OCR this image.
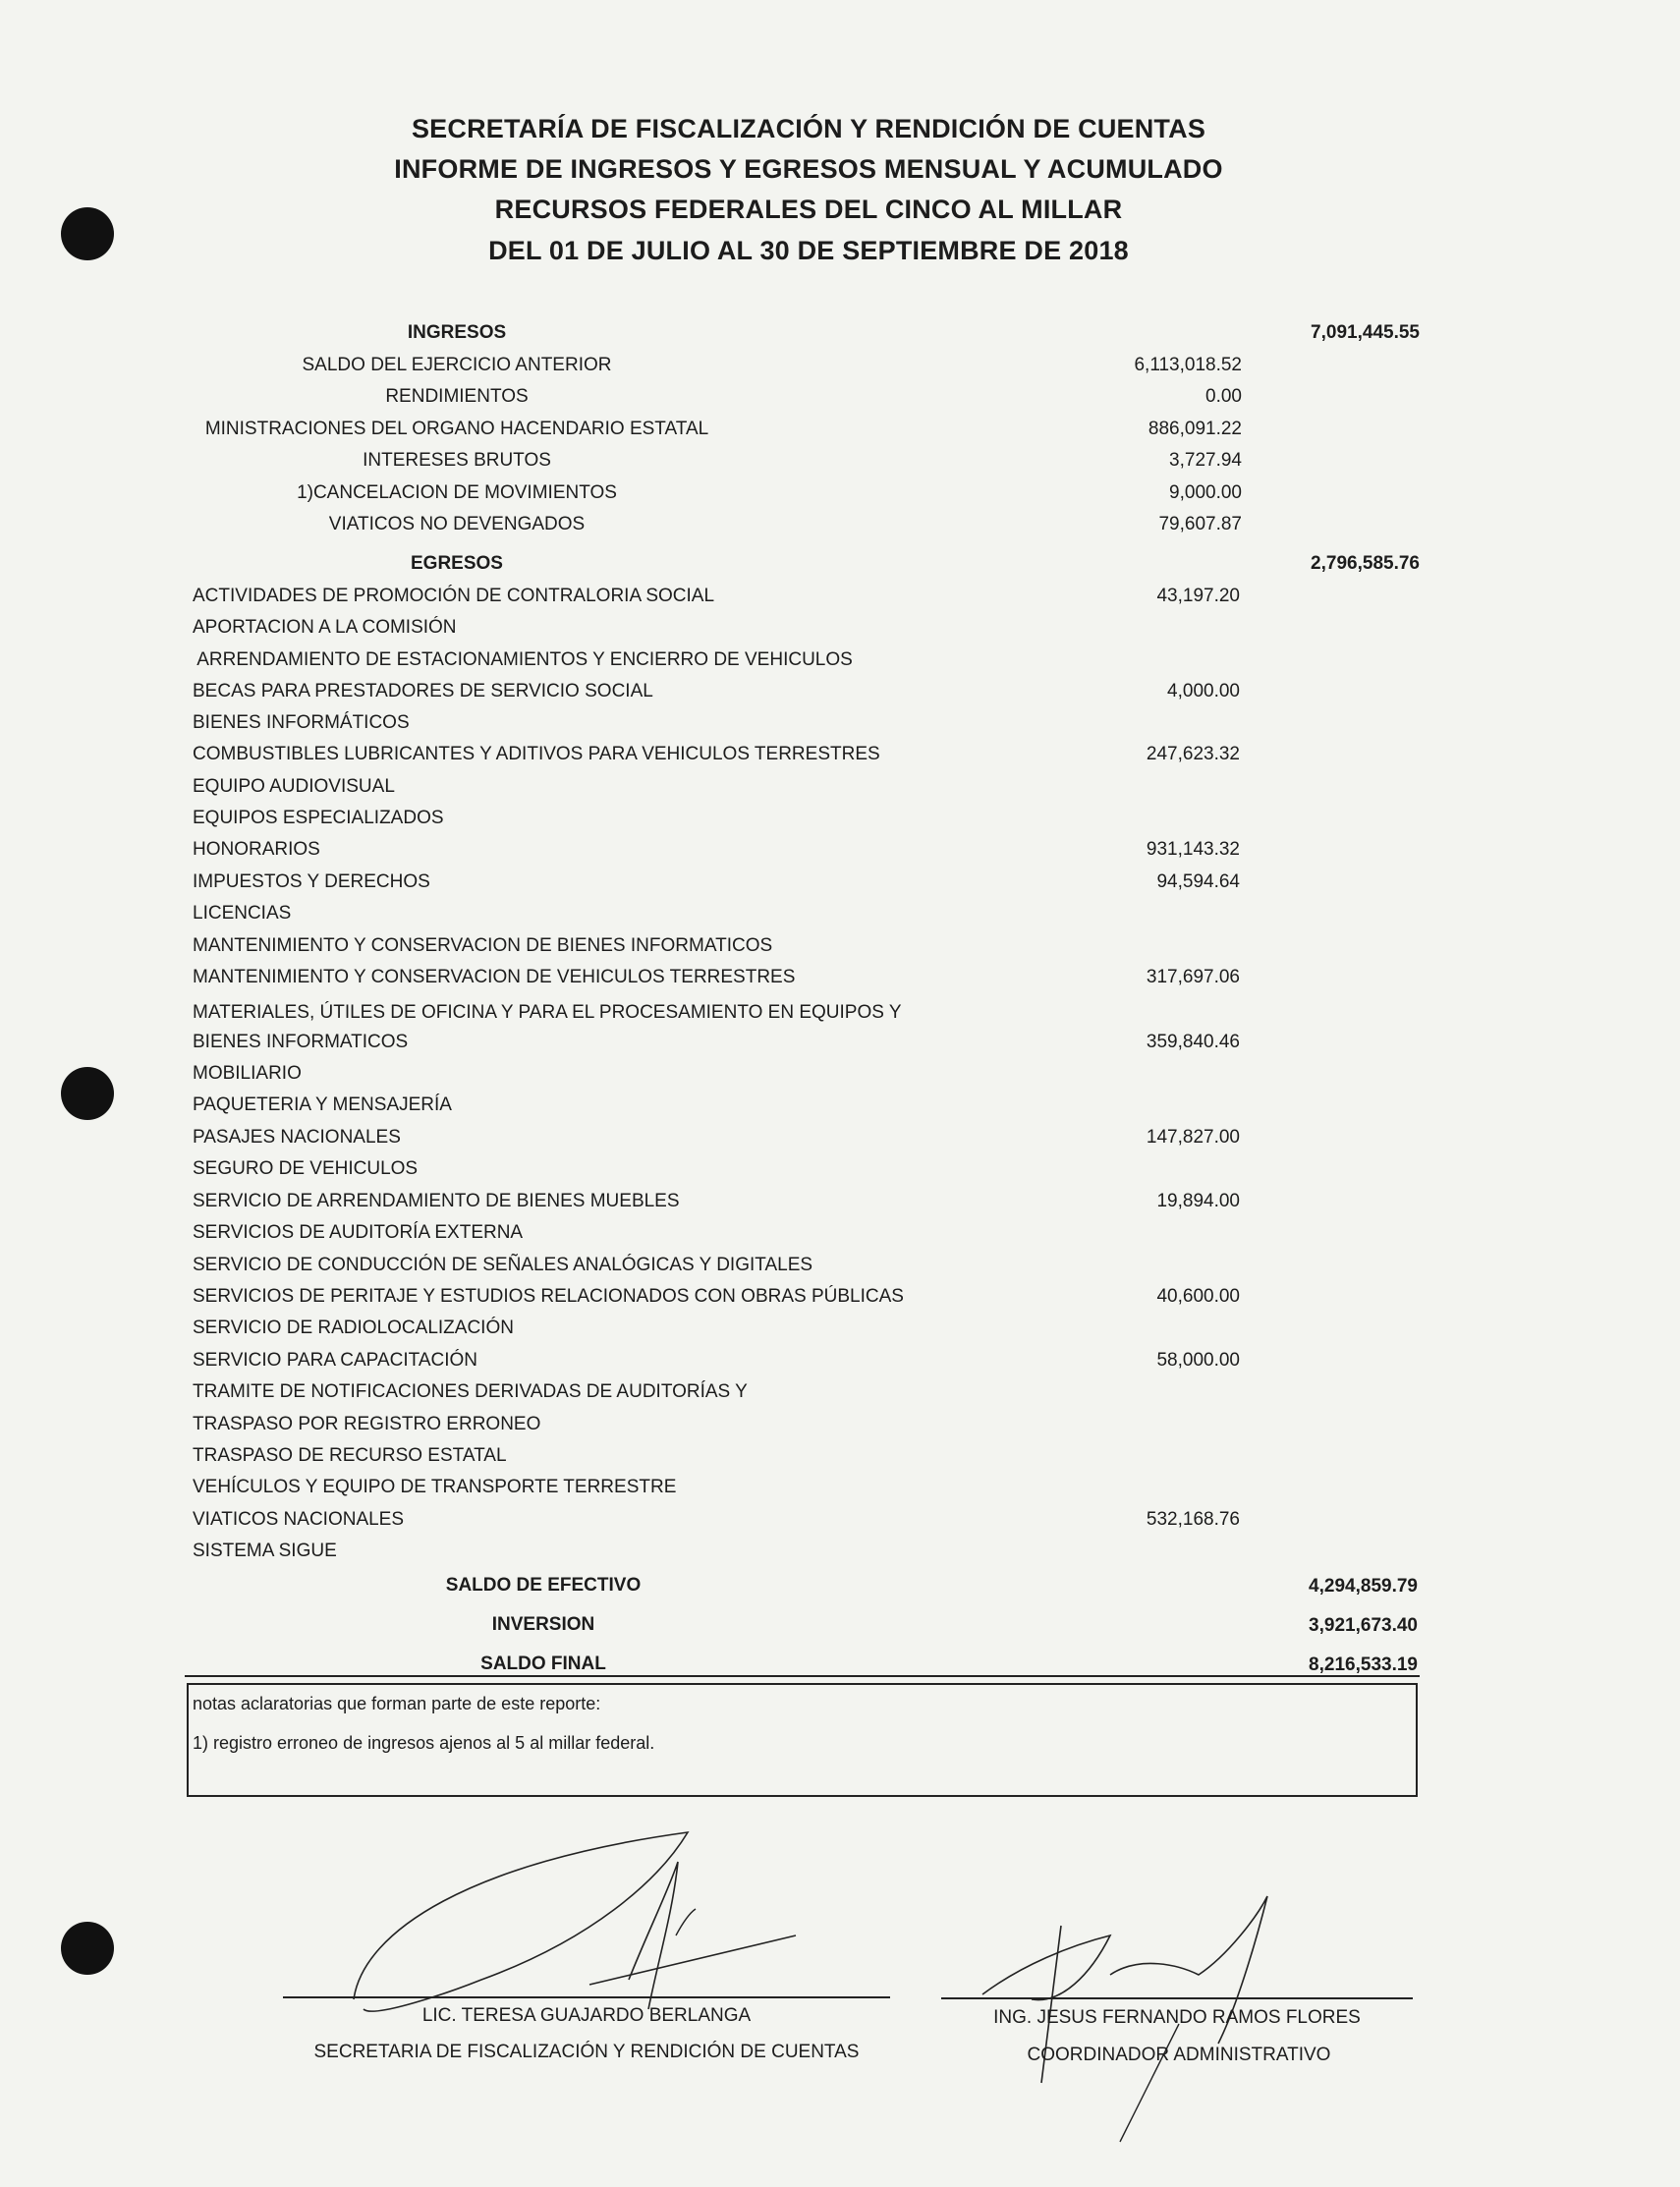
SECRETARÍA DE FISCALIZACIÓN Y RENDICIÓN DE CUENTAS
INFORME DE INGRESOS Y EGRESOS MENSUAL Y ACUMULADO
RECURSOS FEDERALES DEL CINCO AL MILLAR
DEL 01 DE JULIO AL 30 DE SEPTIEMBRE DE 2018
INGRESOS	7,091,445.55
SALDO DEL EJERCICIO ANTERIOR	6,113,018.52
RENDIMIENTOS	0.00
MINISTRACIONES DEL ORGANO HACENDARIO ESTATAL	886,091.22
INTERESES BRUTOS	3,727.94
1)CANCELACION DE MOVIMIENTOS	9,000.00
VIATICOS NO DEVENGADOS	79,607.87
EGRESOS	2,796,585.76
ACTIVIDADES DE PROMOCIÓN DE CONTRALORIA SOCIAL	43,197.20
APORTACION A LA COMISIÓN
ARRENDAMIENTO DE ESTACIONAMIENTOS Y ENCIERRO DE VEHICULOS
BECAS PARA PRESTADORES DE SERVICIO SOCIAL	4,000.00
BIENES INFORMÁTICOS
COMBUSTIBLES LUBRICANTES Y ADITIVOS PARA VEHICULOS TERRESTRES	247,623.32
EQUIPO AUDIOVISUAL
EQUIPOS ESPECIALIZADOS
HONORARIOS	931,143.32
IMPUESTOS Y DERECHOS	94,594.64
LICENCIAS
MANTENIMIENTO Y CONSERVACION DE BIENES INFORMATICOS
MANTENIMIENTO Y CONSERVACION DE VEHICULOS TERRESTRES	317,697.06
MATERIALES, ÚTILES DE OFICINA Y PARA EL PROCESAMIENTO EN EQUIPOS Y
BIENES INFORMATICOS	359,840.46
MOBILIARIO
PAQUETERIA Y MENSAJERÍA
PASAJES NACIONALES	147,827.00
SEGURO DE VEHICULOS
SERVICIO DE ARRENDAMIENTO DE BIENES MUEBLES	19,894.00
SERVICIOS DE AUDITORÍA EXTERNA
SERVICIO DE CONDUCCIÓN DE SEÑALES ANALÓGICAS Y DIGITALES
SERVICIOS DE PERITAJE Y ESTUDIOS RELACIONADOS CON OBRAS PÚBLICAS	40,600.00
SERVICIO DE RADIOLOCALIZACIÓN
SERVICIO PARA CAPACITACIÓN	58,000.00
TRAMITE DE NOTIFICACIONES DERIVADAS DE AUDITORÍAS Y
TRASPASO POR REGISTRO ERRONEO
TRASPASO DE RECURSO ESTATAL
VEHÍCULOS Y EQUIPO DE TRANSPORTE TERRESTRE
VIATICOS NACIONALES	532,168.76
SISTEMA SIGUE
SALDO DE EFECTIVO	4,294,859.79
INVERSION	3,921,673.40
SALDO FINAL	8,216,533.19
notas aclaratorias que forman parte de este reporte:
1) registro erroneo de ingresos ajenos al 5 al millar federal.
LIC. TERESA GUAJARDO BERLANGA
SECRETARIA DE FISCALIZACIÓN Y RENDICIÓN DE CUENTAS
ING. JESUS FERNANDO RAMOS FLORES
COORDINADOR ADMINISTRATIVO
